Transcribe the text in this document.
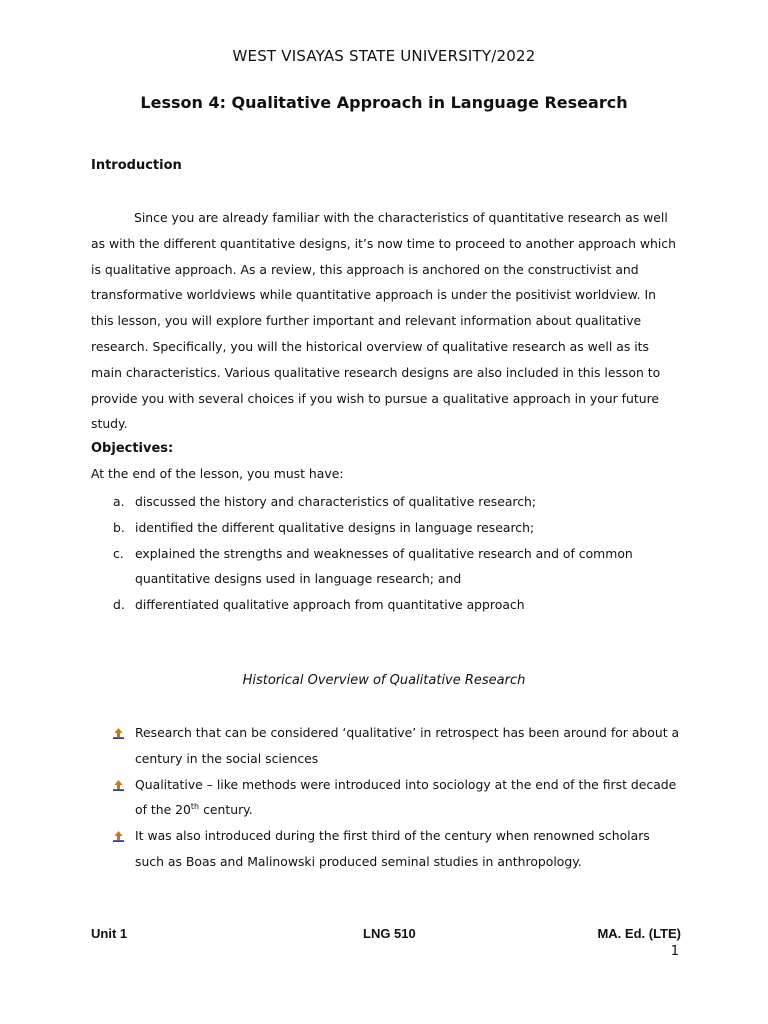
WEST VISAYAS STATE UNIVERSITY/2022
Lesson 4: Qualitative Approach in Language Research
Introduction
Since you are already familiar with the characteristics of quantitative research as well as with the different quantitative designs, it’s now time to proceed to another approach which is qualitative approach. As a review, this approach is anchored on the constructivist and transformative worldviews while quantitative approach is under the positivist worldview. In this lesson, you will explore further important and relevant information about qualitative research. Specifically, you will the historical overview of qualitative research as well as its main characteristics. Various qualitative research designs are also included in this lesson to provide you with several choices if you wish to pursue a qualitative approach in your future study.
Objectives:
At the end of the lesson, you must have:
a. discussed the history and characteristics of qualitative research;
b. identified the different qualitative designs in language research;
c. explained the strengths and weaknesses of qualitative research and of common quantitative designs used in language research; and
d. differentiated qualitative approach from quantitative approach
Historical Overview of Qualitative Research
Research that can be considered ‘qualitative’ in retrospect has been around for about a century in the social sciences
Qualitative – like methods were introduced into sociology at the end of the first decade of the 20th century.
It was also introduced during the first third of the century when renowned scholars such as Boas and Malinowski produced seminal studies in anthropology.
Unit 1	LNG 510	MA. Ed. (LTE)
1
